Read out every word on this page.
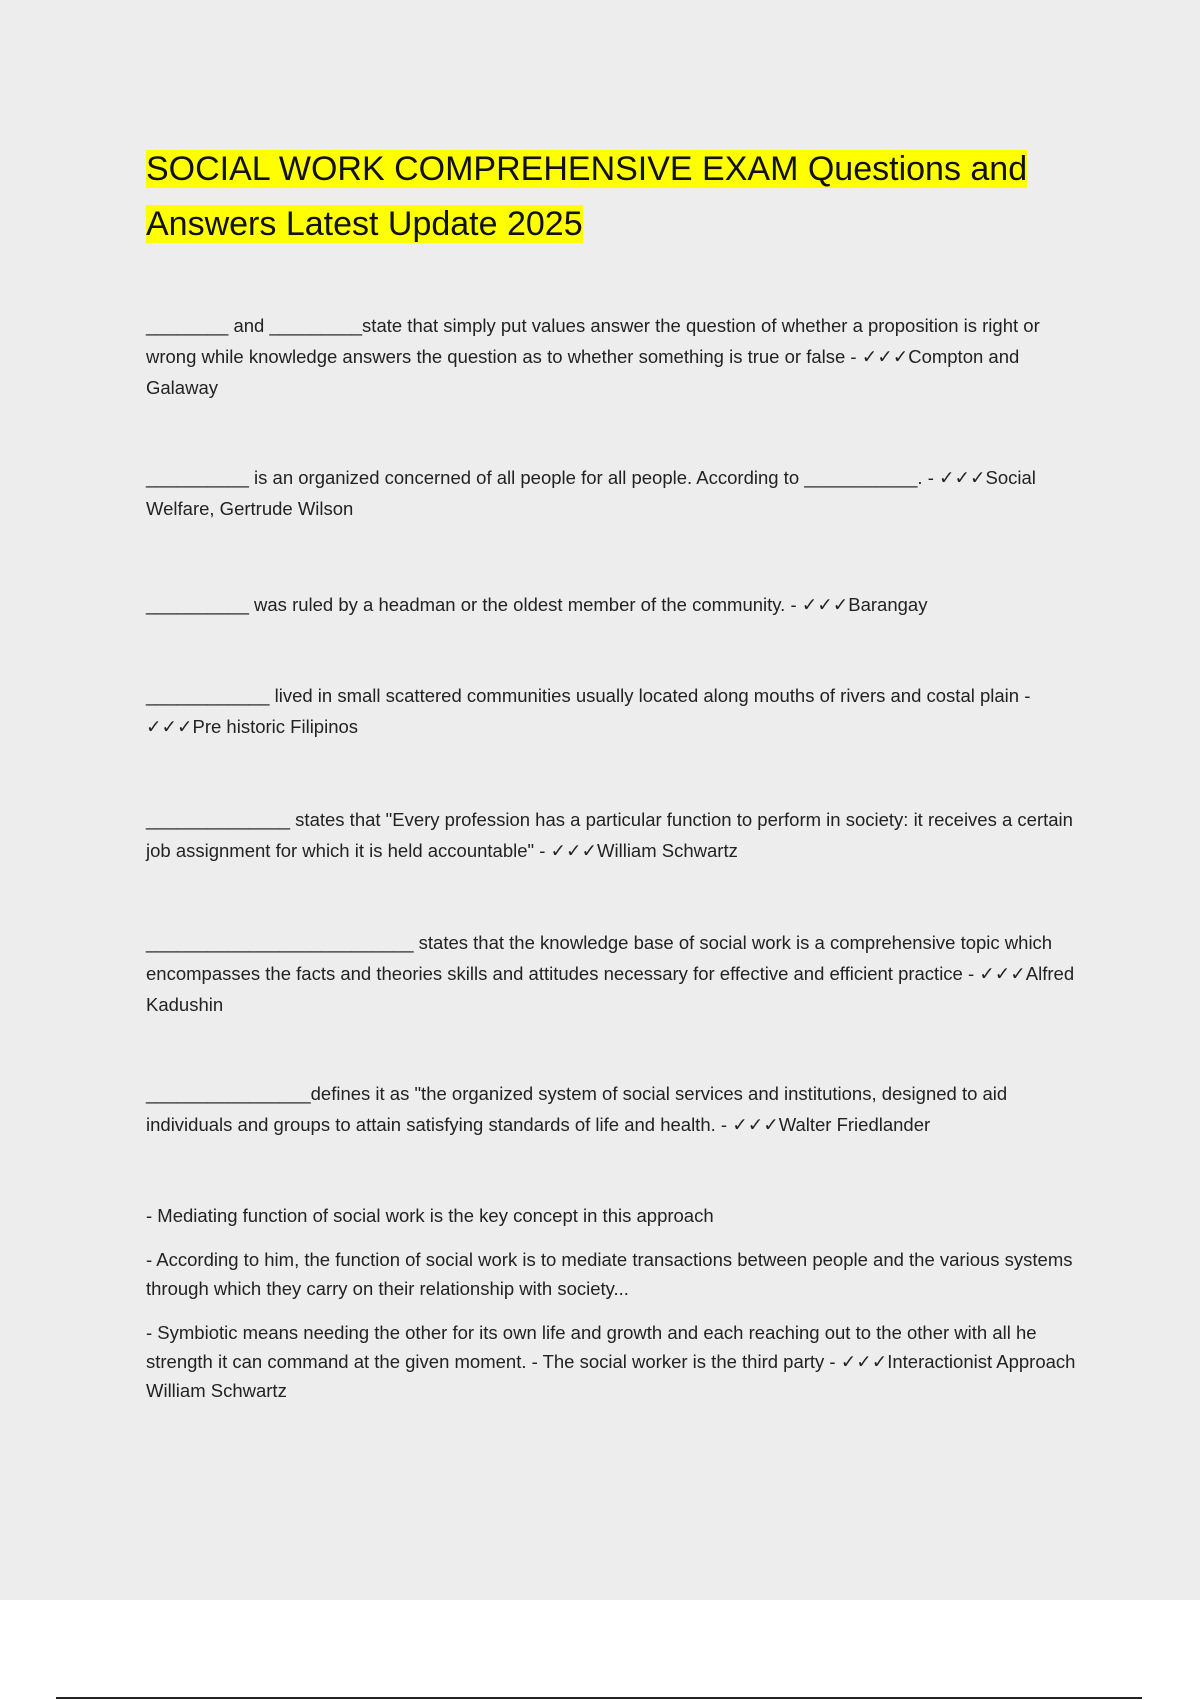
SOCIAL WORK COMPREHENSIVE EXAM Questions and
Answers Latest Update 2025

________ and _________state that simply put values answer the question of whether a proposition is right or wrong while knowledge answers the question as to whether something is true or false - ✓✓✓Compton and Galaway

__________ is an organized concerned of all people for all people. According to ___________. - ✓✓✓Social Welfare, Gertrude Wilson

__________ was ruled by a headman or the oldest member of the community. - ✓✓✓Barangay

____________ lived in small scattered communities usually located along mouths of rivers and costal plain - ✓✓✓Pre historic Filipinos

______________ states that "Every profession has a particular function to perform in society: it receives a certain job assignment for which it is held accountable" - ✓✓✓William Schwartz

__________________________ states that the knowledge base of social work is a comprehensive topic which encompasses the facts and theories skills and attitudes necessary for effective and efficient practice - ✓✓✓Alfred Kadushin

________________defines it as "the organized system of social services and institutions, designed to aid individuals and groups to attain satisfying standards of life and health. - ✓✓✓Walter Friedlander

- Mediating function of social work is the key concept in this approach

- According to him, the function of social work is to mediate transactions between people and the various systems through which they carry on their relationship with society...

- Symbiotic means needing the other for its own life and growth and each reaching out to the other with all he strength it can command at the given moment. - The social worker is the third party - ✓✓✓Interactionist Approach William Schwartz
